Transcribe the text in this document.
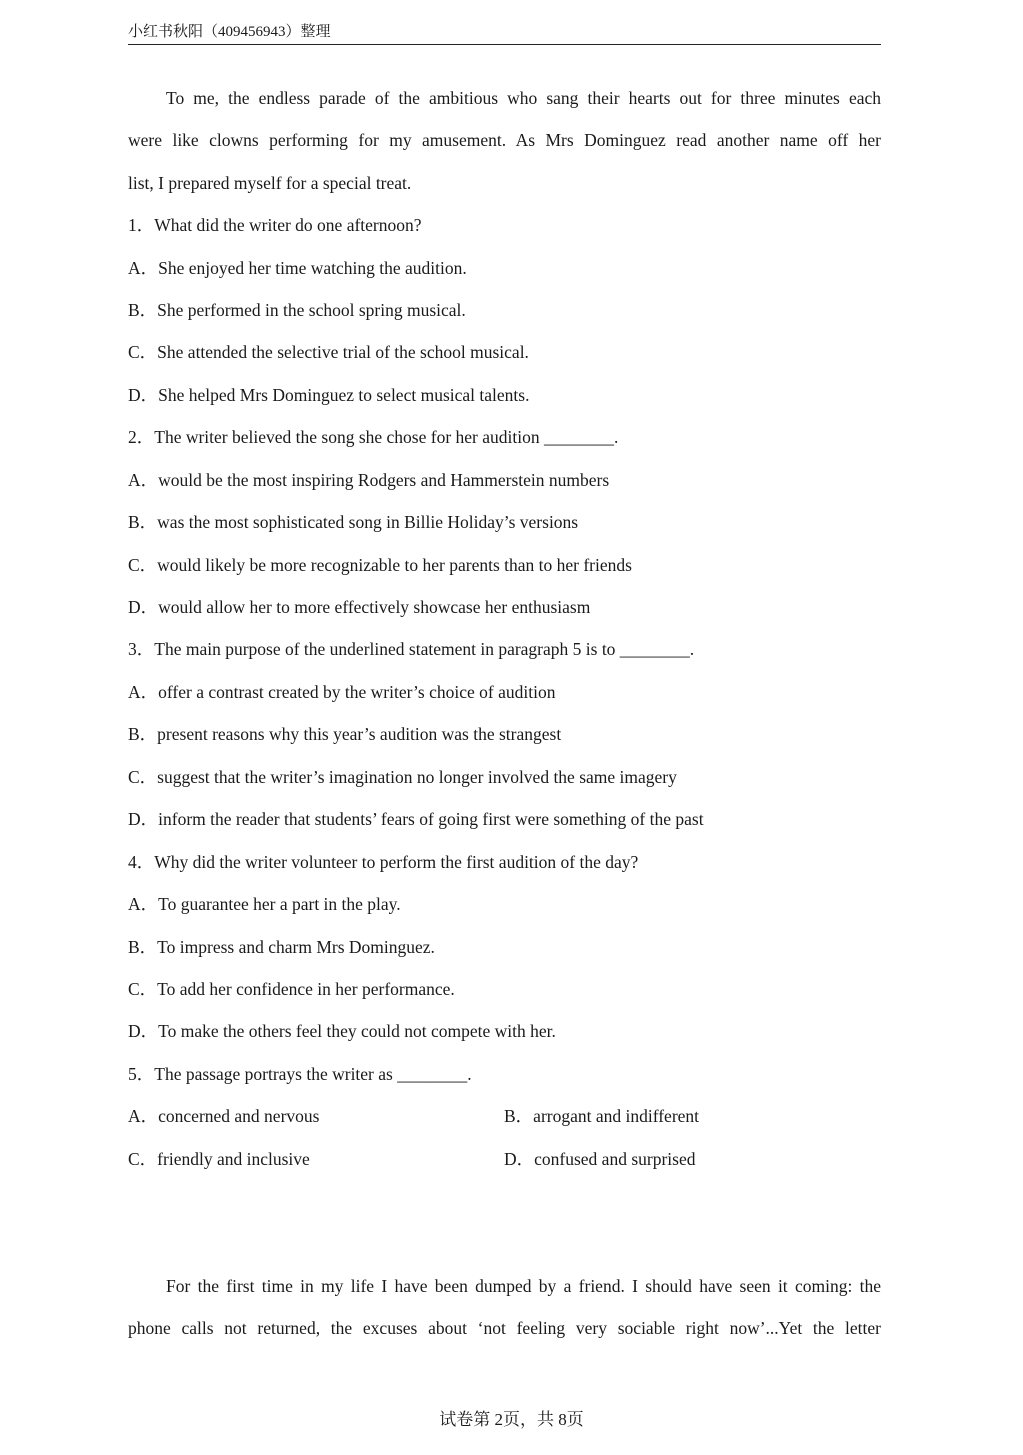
小红书秋阳（409456943）整理
To me, the endless parade of the ambitious who sang their hearts out for three minutes each
were like clowns performing for my amusement. As Mrs Dominguez read another name off her
list, I prepared myself for a special treat.
1．What did the writer do one afternoon?
A．She enjoyed her time watching the audition.
B．She performed in the school spring musical.
C．She attended the selective trial of the school musical.
D．She helped Mrs Dominguez to select musical talents.
2．The writer believed the song she chose for her audition ________.
A．would be the most inspiring Rodgers and Hammerstein numbers
B．was the most sophisticated song in Billie Holiday’s versions
C．would likely be more recognizable to her parents than to her friends
D．would allow her to more effectively showcase her enthusiasm
3．The main purpose of the underlined statement in paragraph 5 is to ________.
A．offer a contrast created by the writer’s choice of audition
B．present reasons why this year’s audition was the strangest
C．suggest that the writer’s imagination no longer involved the same imagery
D．inform the reader that students’ fears of going first were something of the past
4．Why did the writer volunteer to perform the first audition of the day?
A．To guarantee her a part in the play.
B．To impress and charm Mrs Dominguez.
C．To add her confidence in her performance.
D．To make the others feel they could not compete with her.
5．The passage portrays the writer as ________.
A．concerned and nervous	B．arrogant and indifferent
C．friendly and inclusive	D．confused and surprised
For the first time in my life I have been dumped by a friend. I should have seen it coming: the
phone calls not returned, the excuses about ‘not feeling very sociable right now’...Yet the letter
试卷第 2页，共 8页
